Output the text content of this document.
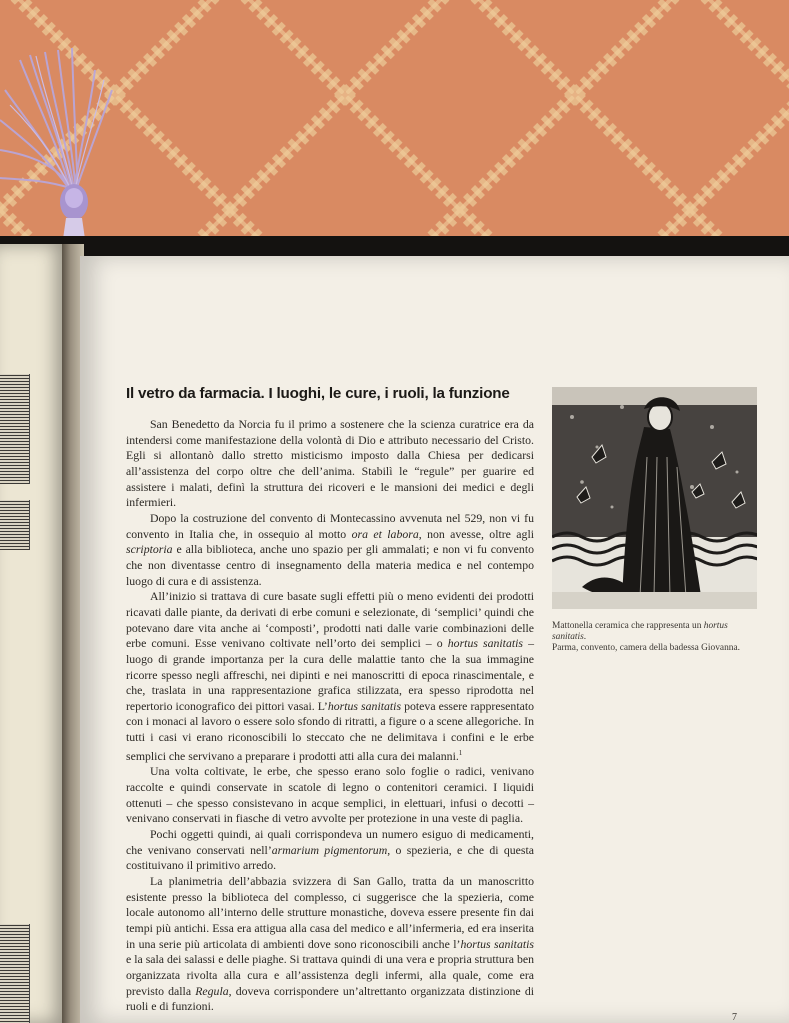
Il vetro da farmacia. I luoghi, le cure, i ruoli, la funzione

San Benedetto da Norcia fu il primo a sostenere che la scienza curatrice era da intendersi come manifestazione della volontà di Dio e attributo necessario del Cristo. Egli si allontanò dallo stretto misticismo imposto dalla Chiesa per dedicarsi all’assistenza del corpo oltre che dell’anima. Stabilì le “regule” per guarire ed assistere i malati, definì la struttura dei ricoveri e le mansioni dei medici e degli infermieri.

Dopo la costruzione del convento di Montecassino avvenuta nel 529, non vi fu convento in Italia che, in ossequio al motto ora et labora, non avesse, oltre agli scriptoria e alla biblioteca, anche uno spazio per gli ammalati; e non vi fu convento che non diventasse centro di insegnamento della materia medica e nel contempo luogo di cura e di assistenza.

All’inizio si trattava di cure basate sugli effetti più o meno evidenti dei prodotti ricavati dalle piante, da derivati di erbe comuni e selezionate, di ‘semplici’ quindi che potevano dare vita anche ai ‘composti’, prodotti nati dalle varie combinazioni delle erbe comuni. Esse venivano coltivate nell’orto dei semplici – o hortus sanitatis – luogo di grande importanza per la cura delle malattie tanto che la sua immagine ricorre spesso negli affreschi, nei dipinti e nei manoscritti di epoca rinascimentale, e che, traslata in una rappresentazione grafica stilizzata, era spesso riprodotta nel repertorio iconografico dei pittori vasai. L’hortus sanitatis poteva essere rappresentato con i monaci al lavoro o essere solo sfondo di ritratti, a figure o a scene allegoriche. In tutti i casi vi erano riconoscibili lo steccato che ne delimitava i confini e le erbe semplici che servivano a preparare i prodotti atti alla cura dei malanni.$^1$

Una volta coltivate, le erbe, che spesso erano solo foglie o radici, venivano raccolte e quindi conservate in scatole di legno o contenitori ceramici. I liquidi ottenuti – che spesso consistevano in acque semplici, in elettuari, infusi o decotti – venivano conservati in fiasche di vetro avvolte per protezione in una veste di paglia.

Pochi oggetti quindi, ai quali corrispondeva un numero esiguo di medicamenti, che venivano conservati nell’armarium pigmentorum, o spezieria, e che di questa costituivano il primitivo arredo.

La planimetria dell’abbazia svizzera di San Gallo, tratta da un manoscritto esistente presso la biblioteca del complesso, ci suggerisce che la spezieria, come locale autonomo all’interno delle strutture monastiche, doveva essere presente fin dai tempi più antichi. Essa era attigua alla casa del medico e all’infermeria, ed era inserita in una serie più articolata di ambienti dove sono riconoscibili anche l’hortus sanitatis e la sala dei salassi e delle piaghe. Si trattava quindi di una vera e propria struttura ben organizzata rivolta alla cura e all’assistenza degli infermi, alla quale, come era previsto dalla Regula, doveva corrispondere un’altrettanto organizzata distinzione di ruoli e di funzioni.

Mattonella ceramica che rappresenta un hortus sanitatis.
Parma, convento, camera della badessa Giovanna.
7
